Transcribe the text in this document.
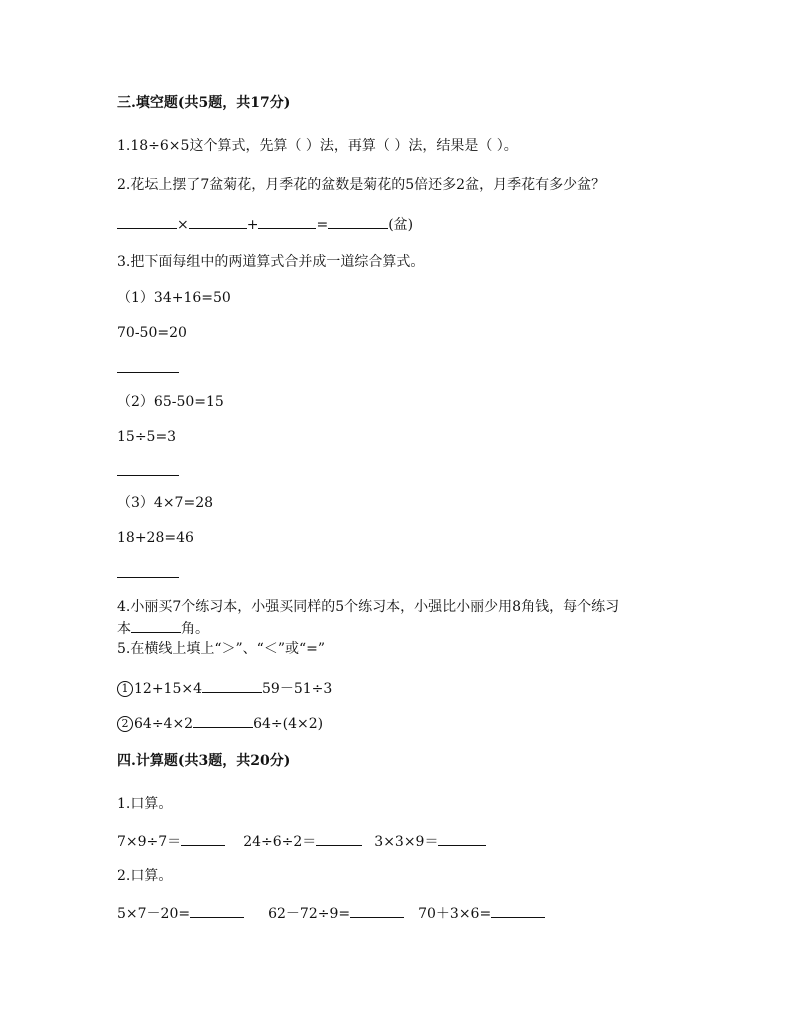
三.填空题(共5题，共17分)
1.18÷6×5这个算式，先算（ ）法，再算（ ）法，结果是（ ）。
2.花坛上摆了7盆菊花，月季花的盆数是菊花的5倍还多2盆，月季花有多少盆？
×	+	=	(盆)
3.把下面每组中的两道算式合并成一道综合算式。
（1）34+16=50
70-50=20
（2）65-50=15
15÷5=3
（3）4×7=28
18+28=46
4.小丽买7个练习本，小强买同样的5个练习本，小强比小丽少用8角钱，每个练习
本	角。
5.在横线上填上“＞”、“＜”或“=”
1 12+15×4	59－51÷3
2 64÷4×2	64÷(4×2)
四.计算题(共3题，共20分)
1.口算。
7×9÷7＝	24÷6÷2＝	3×3×9＝
2.口算。
5×7－20=	62－72÷9=	70＋3×6=
